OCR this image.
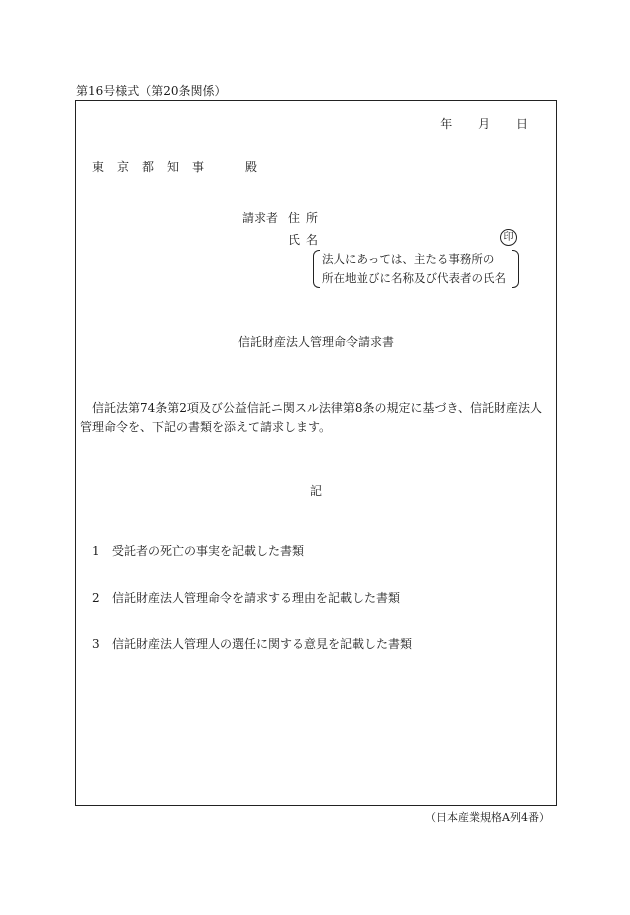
第16号様式（第20条関係）
年 月 日
東 京 都 知 事	殿
請求者 住所
氏名	印
法人にあっては、主たる事務所の
所在地並びに名称及び代表者の氏名
信託財産法人管理命令請求書
信託法第74条第2項及び公益信託ニ関スル法律第8条の規定に基づき、信託財産法人管理命令を、下記の書類を添えて請求します。
記
1 受託者の死亡の事実を記載した書類
2 信託財産法人管理命令を請求する理由を記載した書類
3 信託財産法人管理人の選任に関する意見を記載した書類
（日本産業規格A列4番）
